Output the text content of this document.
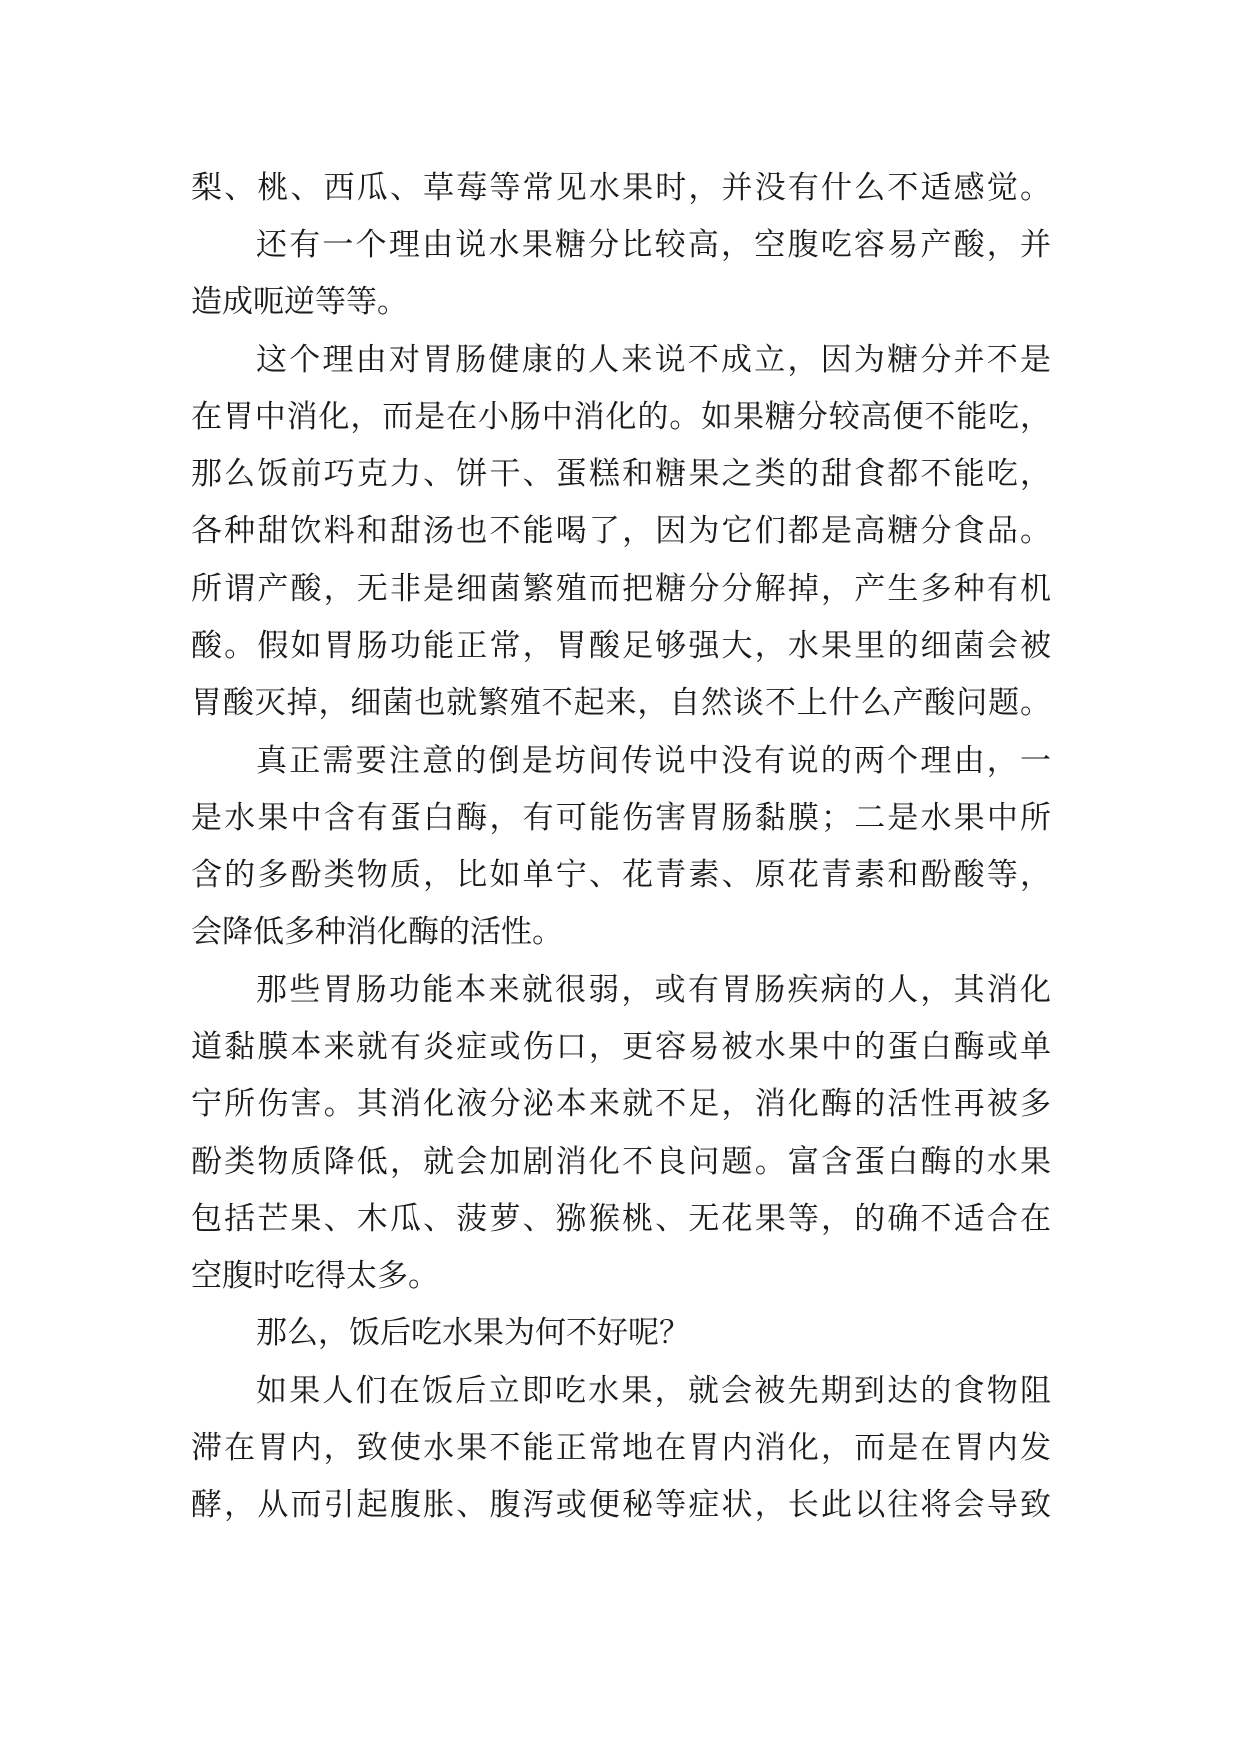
梨、桃、西瓜、草莓等常见水果时，并没有什么不适感觉。
还有一个理由说水果糖分比较高，空腹吃容易产酸，并
造成呃逆等等。
这个理由对胃肠健康的人来说不成立，因为糖分并不是
在胃中消化，而是在小肠中消化的。如果糖分较高便不能吃，
那么饭前巧克力、饼干、蛋糕和糖果之类的甜食都不能吃，
各种甜饮料和甜汤也不能喝了，因为它们都是高糖分食品。
所谓产酸，无非是细菌繁殖而把糖分分解掉，产生多种有机
酸。假如胃肠功能正常，胃酸足够强大，水果里的细菌会被
胃酸灭掉，细菌也就繁殖不起来，自然谈不上什么产酸问题。
真正需要注意的倒是坊间传说中没有说的两个理由，一
是水果中含有蛋白酶，有可能伤害胃肠黏膜；二是水果中所
含的多酚类物质，比如单宁、花青素、原花青素和酚酸等，
会降低多种消化酶的活性。
那些胃肠功能本来就很弱，或有胃肠疾病的人，其消化
道黏膜本来就有炎症或伤口，更容易被水果中的蛋白酶或单
宁所伤害。其消化液分泌本来就不足，消化酶的活性再被多
酚类物质降低，就会加剧消化不良问题。富含蛋白酶的水果
包括芒果、木瓜、菠萝、猕猴桃、无花果等，的确不适合在
空腹时吃得太多。
那么，饭后吃水果为何不好呢？
如果人们在饭后立即吃水果，就会被先期到达的食物阻
滞在胃内，致使水果不能正常地在胃内消化，而是在胃内发
酵，从而引起腹胀、腹泻或便秘等症状，长此以往将会导致
